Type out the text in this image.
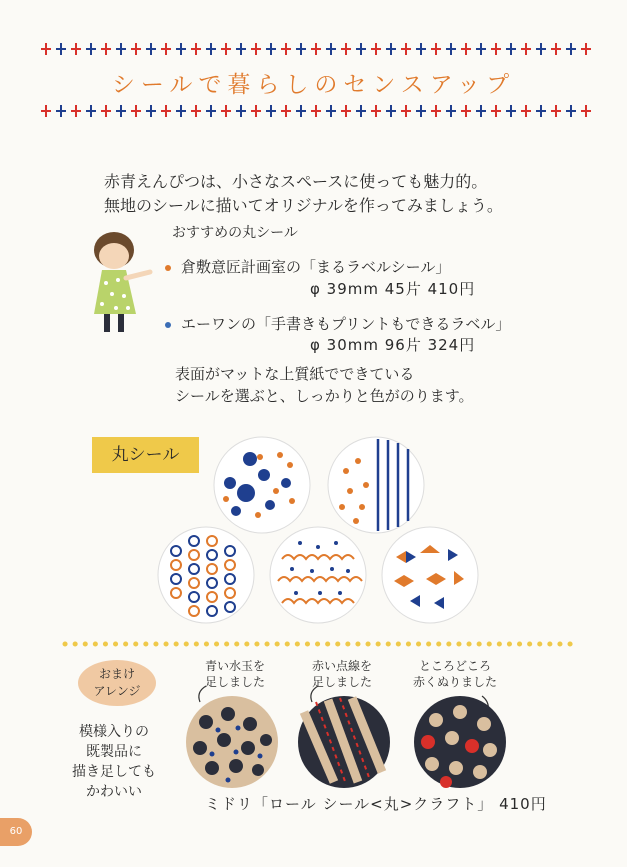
シールで暮らしのセンスアップ
赤青えんぴつは、小さなスペースに使っても魅力的。
無地のシールに描いてオリジナルを作ってみましょう。
おすすめの丸シール
倉敷意匠計画室の「まるラベルシール」
φ 39mm 45片 410円
エーワンの「手書きもプリントもできるラベル」
φ 30mm 96片 324円
表面がマットな上質紙でできている
シールを選ぶと、しっかりと色がのります。
丸シール
おまけ
アレンジ
模様入りの
既製品に
描き足しても
かわいい
青い水玉を
足しました
赤い点線を
足しました
ところどころ
赤くぬりました
ミドリ「ロール シール<丸>クラフト」 410円
60
